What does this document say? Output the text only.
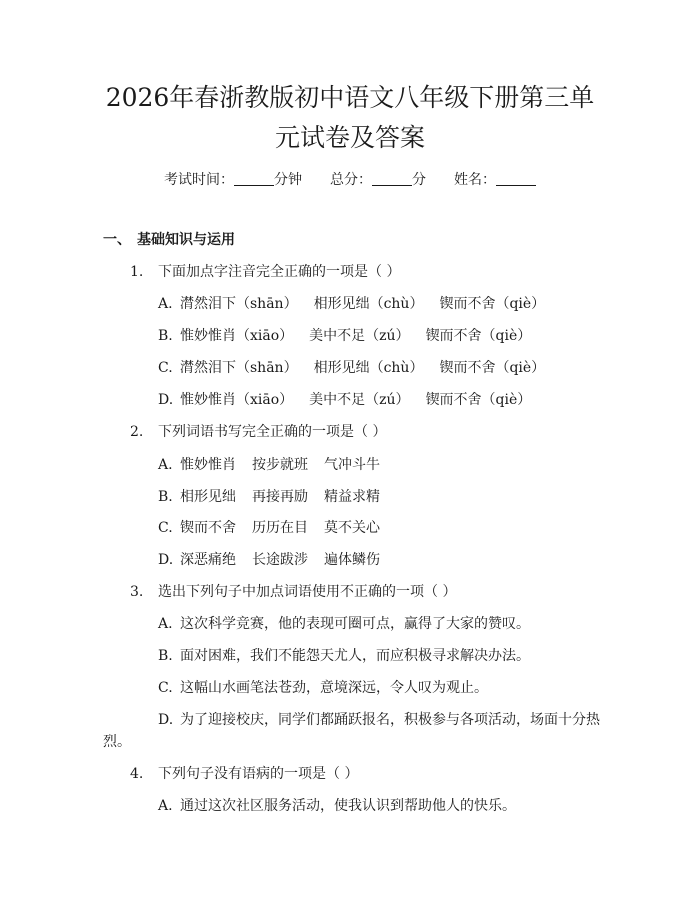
2026年春浙教版初中语文八年级下册第三单
元试卷及答案
考试时间：	分钟 总分：	分 姓名：
一、 基础知识与运用
1. 下面加点字注音完全正确的一项是（ ）
A. 潸然泪下（shān） 相形见绌（chù） 锲而不舍（qiè）
B. 惟妙惟肖（xiāo） 美中不足（zú） 锲而不舍（qiè）
C. 潸然泪下（shān） 相形见绌（chù） 锲而不舍（qiè）
D. 惟妙惟肖（xiāo） 美中不足（zú） 锲而不舍（qiè）
2. 下列词语书写完全正确的一项是（ ）
A. 惟妙惟肖 按步就班 气冲斗牛
B. 相形见绌 再接再励 精益求精
C. 锲而不舍 历历在目 莫不关心
D. 深恶痛绝 长途跋涉 遍体鳞伤
3. 选出下列句子中加点词语使用不正确的一项（ ）
A. 这次科学竞赛，他的表现可圈可点，赢得了大家的赞叹。
B. 面对困难，我们不能怨天尤人，而应积极寻求解决办法。
C. 这幅山水画笔法苍劲，意境深远，令人叹为观止。
D. 为了迎接校庆，同学们都踊跃报名，积极参与各项活动，场面十分热
烈。
4. 下列句子没有语病的一项是（ ）
A. 通过这次社区服务活动，使我认识到帮助他人的快乐。
